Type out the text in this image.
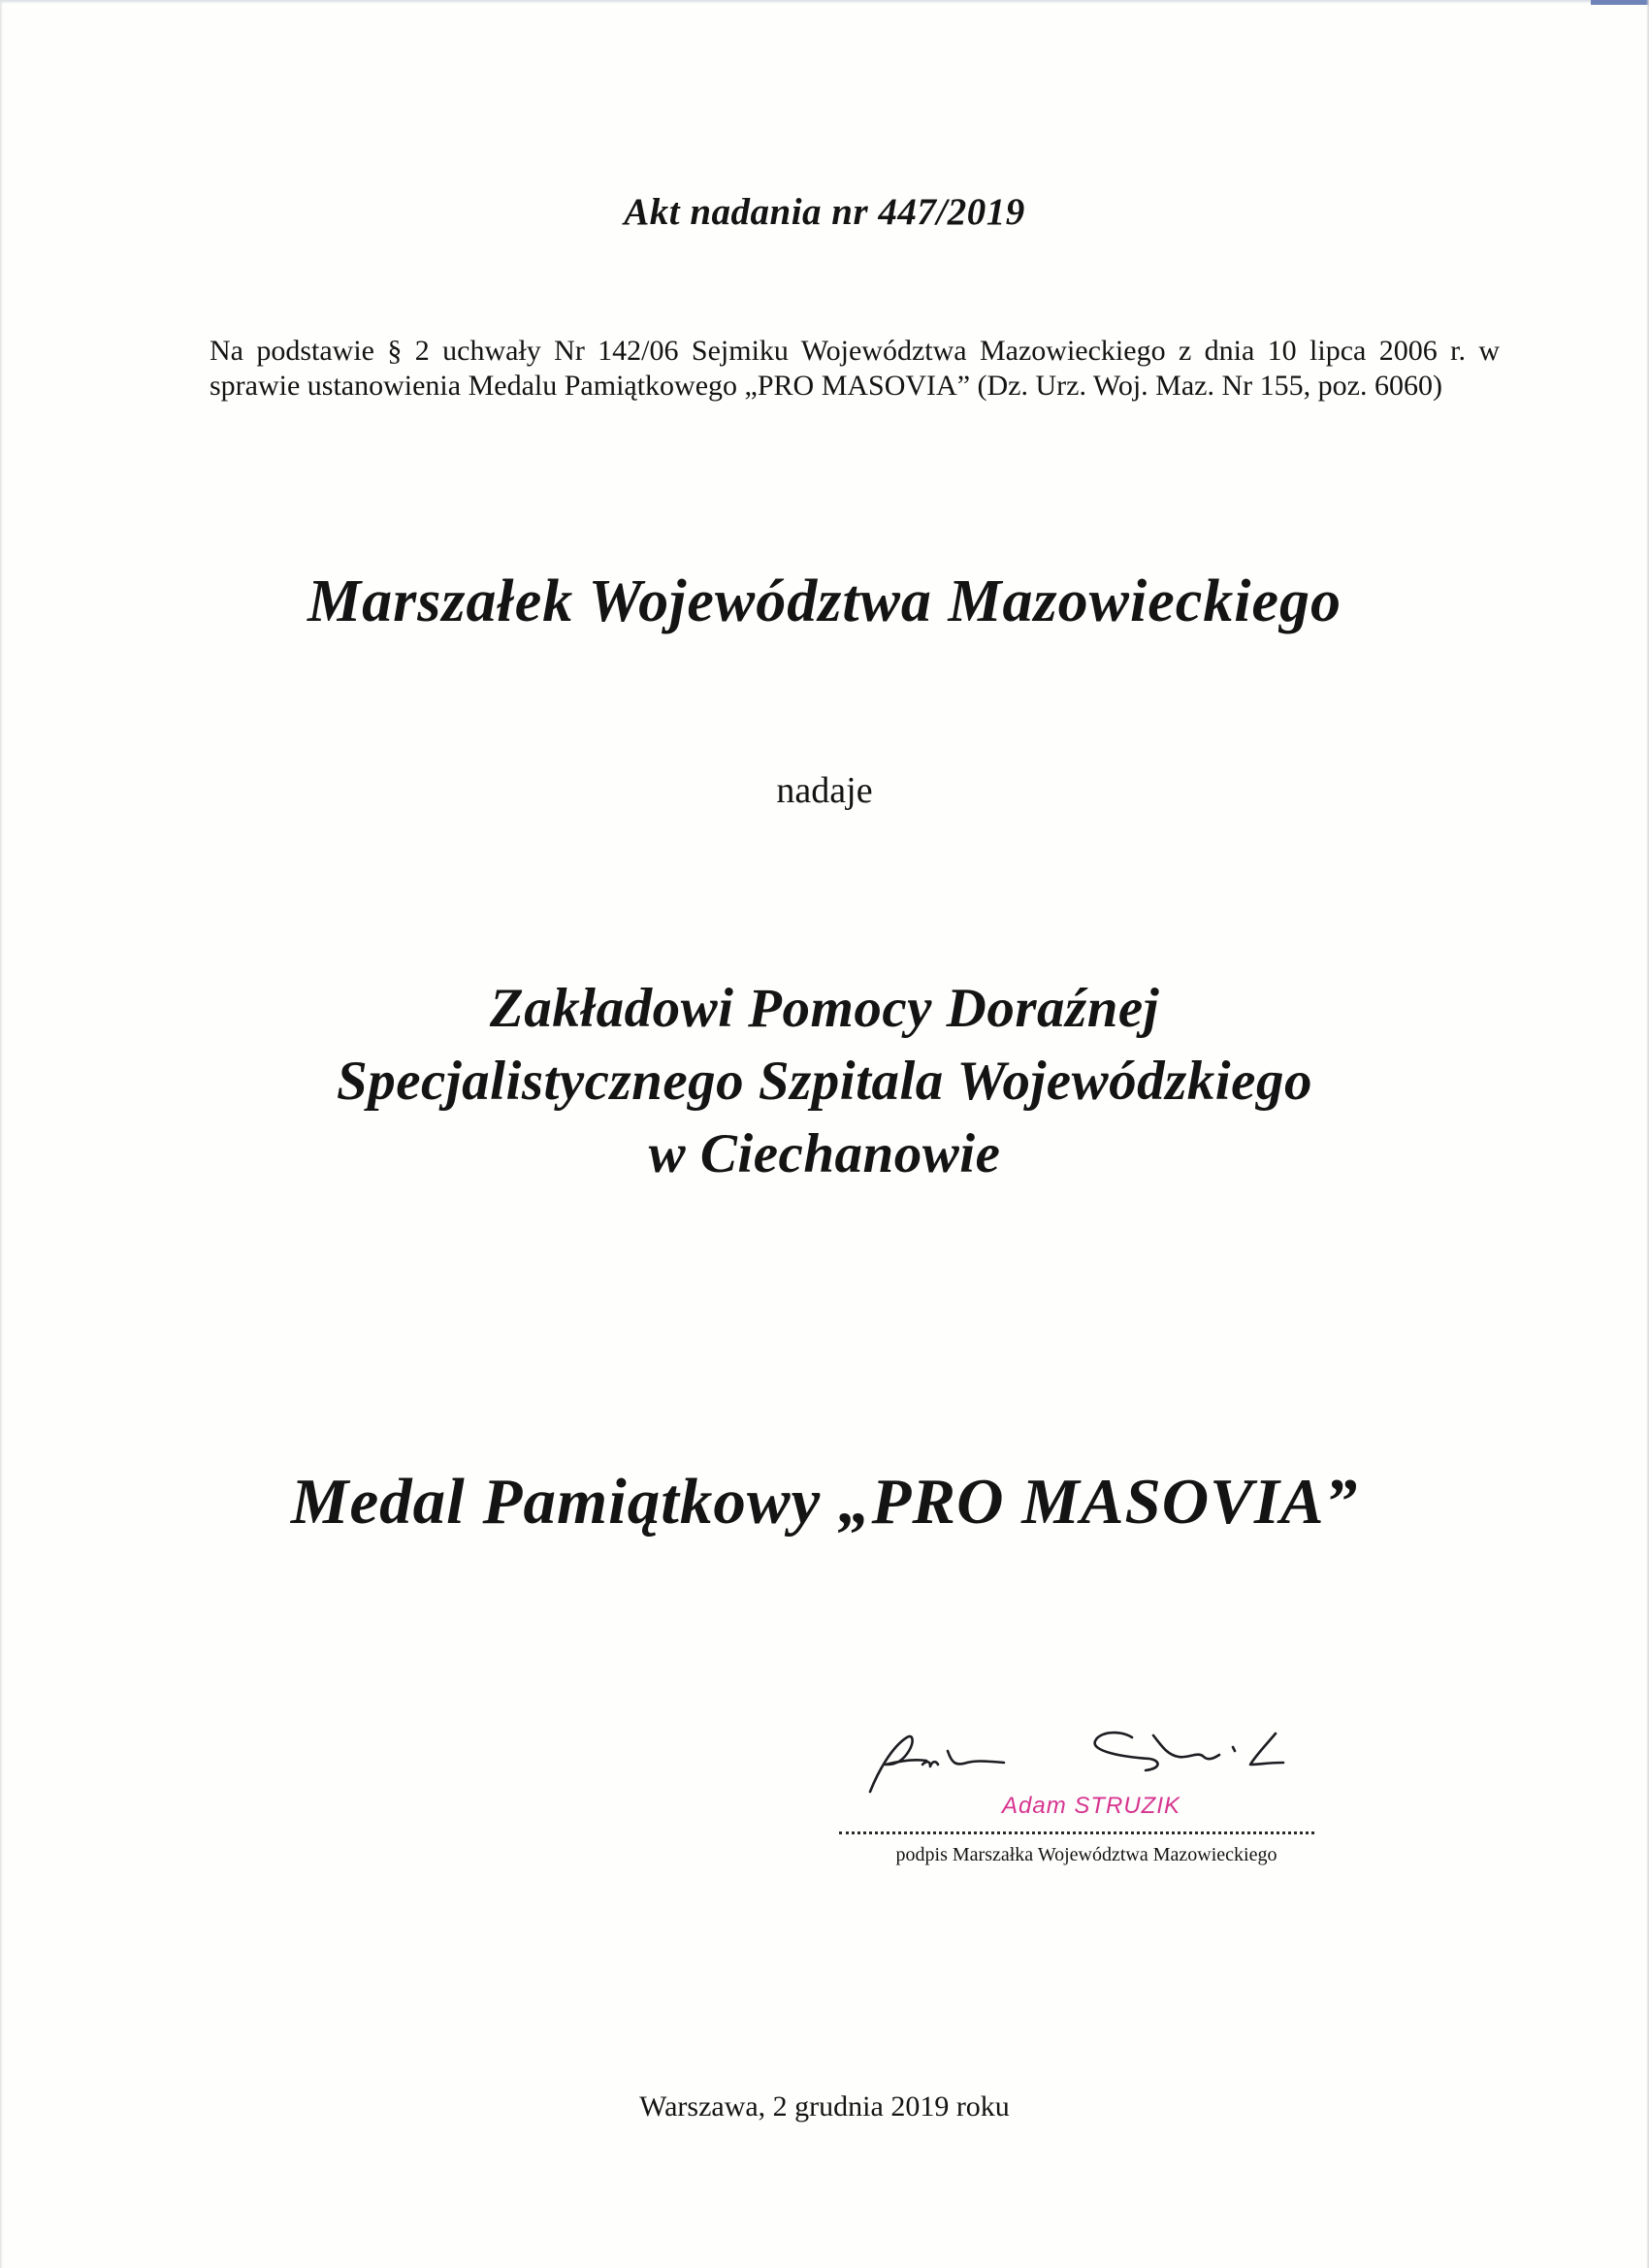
Akt nadania nr 447/2019
Na podstawie § 2 uchwały Nr 142/06 Sejmiku Województwa Mazowieckiego z dnia 10 lipca 2006 r. w sprawie ustanowienia Medalu Pamiątkowego „PRO MASOVIA” (Dz. Urz. Woj. Maz. Nr 155, poz. 6060)
Marszałek Województwa Mazowieckiego
nadaje
Zakładowi Pomocy Doraźnej
Specjalistycznego Szpitala Wojewódzkiego
w Ciechanowie
Medal Pamiątkowy „PRO MASOVIA”
Adam STRUZIK
podpis Marszałka Województwa Mazowieckiego
Warszawa, 2 grudnia 2019 roku
